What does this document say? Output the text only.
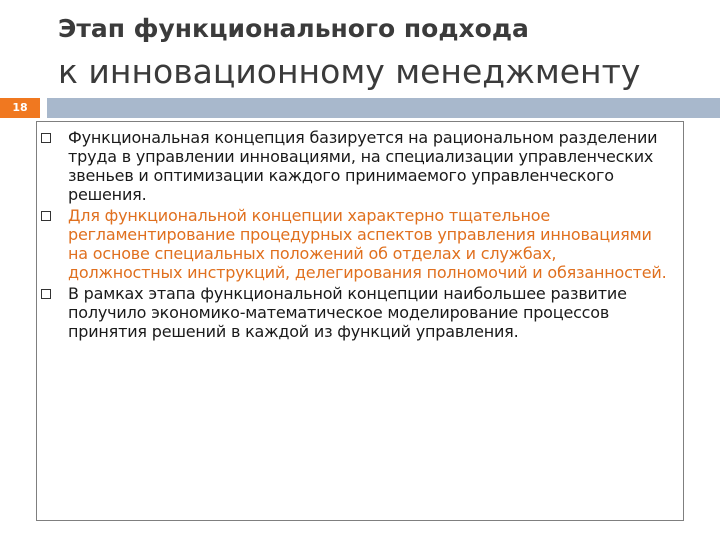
Этап функционального подхода
к инновационному менеджменту
18
Функциональная концепция базируется на рациональном разделении труда в управлении инновациями, на специализации управленческих звеньев и оптимизации каждого принимаемого управленческого решения.
Для функциональной концепции характерно тщательное регламентирование процедурных аспектов управления инновациями на основе специальных положений об отделах и службах, должностных инструкций, делегирования полномочий и обязанностей.
В рамках этапа функциональной концепции наибольшее развитие получило экономико-математическое моделирование процессов принятия решений в каждой из функций управления.
